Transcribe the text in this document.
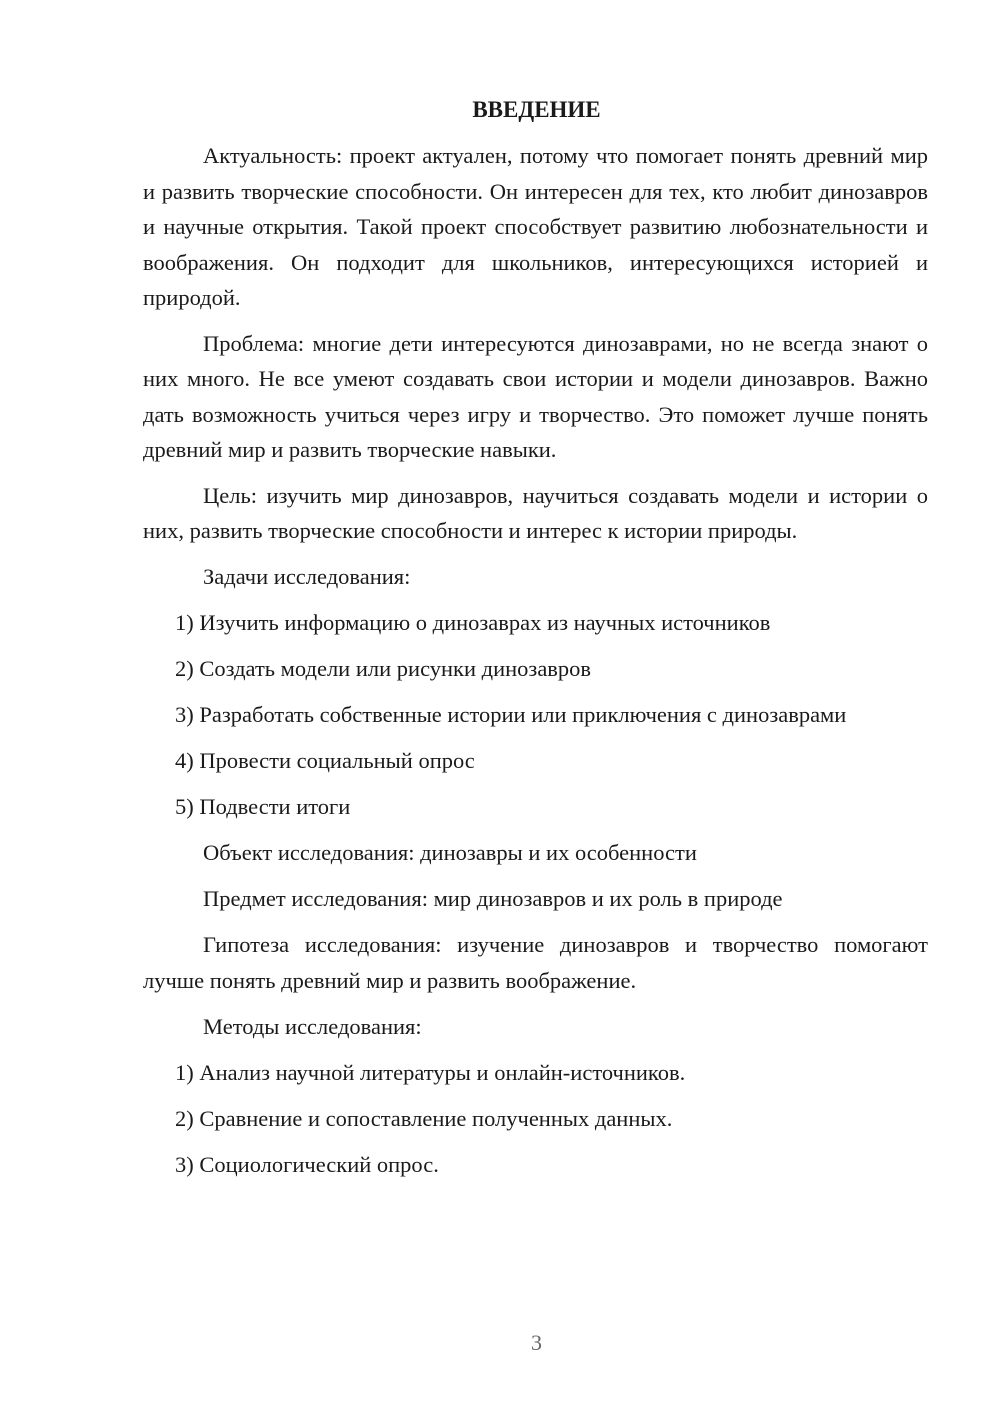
ВВЕДЕНИЕ

Актуальность: проект актуален, потому что помогает понять древний мир и развить творческие способности. Он интересен для тех, кто любит динозавров и научные открытия. Такой проект способствует развитию любознательности и воображения. Он подходит для школьников, интересующихся историей и природой.

Проблема: многие дети интересуются динозаврами, но не всегда знают о них много. Не все умеют создавать свои истории и модели динозавров. Важно дать возможность учиться через игру и творчество. Это поможет лучше понять древний мир и развить творческие навыки.

Цель: изучить мир динозавров, научиться создавать модели и истории о них, развить творческие способности и интерес к истории природы.

Задачи исследования:

1) Изучить информацию о динозаврах из научных источников

2) Создать модели или рисунки динозавров

3) Разработать собственные истории или приключения с динозаврами

4) Провести социальный опрос

5) Подвести итоги

Объект исследования: динозавры и их особенности

Предмет исследования: мир динозавров и их роль в природе

Гипотеза исследования: изучение динозавров и творчество помогают лучше понять древний мир и развить воображение.

Методы исследования:

1) Анализ научной литературы и онлайн-источников.

2) Сравнение и сопоставление полученных данных.

3) Социологический опрос.

3
